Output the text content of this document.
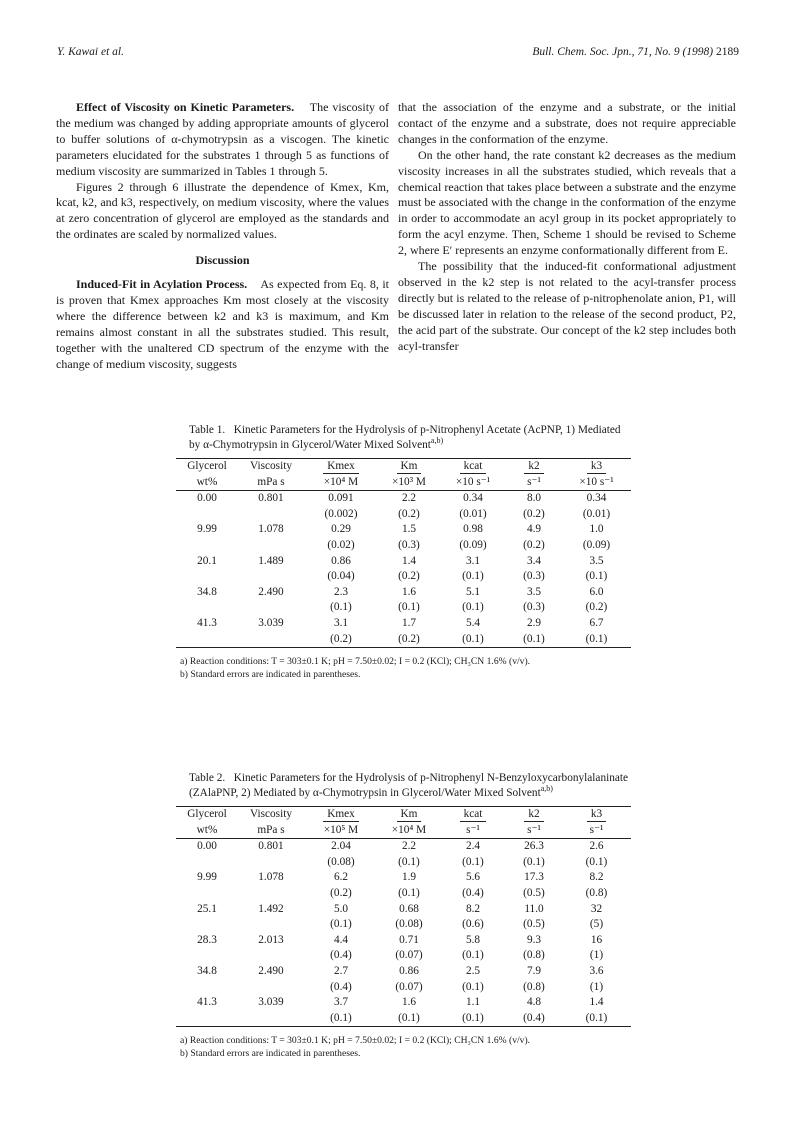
Y. Kawai et al.	Bull. Chem. Soc. Jpn., 71, No. 9 (1998) 2189

Effect of Viscosity on Kinetic Parameters. The viscosity of the medium was changed by adding appropriate amounts of glycerol to buffer solutions of α-chymotrypsin as a viscogen. The kinetic parameters elucidated for the substrates 1 through 5 as functions of medium viscosity are summarized in Tables 1 through 5.

Figures 2 through 6 illustrate the dependence of Kmex, Km, kcat, k2, and k3, respectively, on medium viscosity, where the values at zero concentration of glycerol are employed as the standards and the ordinates are scaled by normalized values.

Discussion

Induced-Fit in Acylation Process. As expected from Eq. 8, it is proven that Kmex approaches Km most closely at the viscosity where the difference between k2 and k3 is maximum, and Km remains almost constant in all the substrates studied. This result, together with the unaltered CD spectrum of the enzyme with the change of medium viscosity, suggests

that the association of the enzyme and a substrate, or the initial contact of the enzyme and a substrate, does not require appreciable changes in the conformation of the enzyme.

On the other hand, the rate constant k2 decreases as the medium viscosity increases in all the substrates studied, which reveals that a chemical reaction that takes place between a substrate and the enzyme must be associated with the change in the conformation of the enzyme in order to accommodate an acyl group in its pocket appropriately to form the acyl enzyme. Then, Scheme 1 should be revised to Scheme 2, where E′ represents an enzyme conformationally different from E.

The possibility that the induced-fit conformational adjustment observed in the k2 step is not related to the acyl-transfer process directly but is related to the release of p-nitrophenolate anion, P1, will be discussed later in relation to the release of the second product, P2, the acid part of the substrate. Our concept of the k2 step includes both acyl-transfer

Table 1. Kinetic Parameters for the Hydrolysis of p-Nitrophenyl Acetate (AcPNP, 1) Mediated by α-Chymotrypsin in Glycerol/Water Mixed Solvent$^{a,b)}$
Glycerol	Viscosity	Kmex	Km	kcat	k2	k3
wt%	mPa s	×10⁴ M	×10³ M	×10 s⁻¹	s⁻¹	×10 s⁻¹
0.00	0.801	0.091	2.2	0.34	8.0	0.34
		(0.002)	(0.2)	(0.01)	(0.2)	(0.01)
9.99	1.078	0.29	1.5	0.98	4.9	1.0
		(0.02)	(0.3)	(0.09)	(0.2)	(0.09)
20.1	1.489	0.86	1.4	3.1	3.4	3.5
		(0.04)	(0.2)	(0.1)	(0.3)	(0.1)
34.8	2.490	2.3	1.6	5.1	3.5	6.0
		(0.1)	(0.1)	(0.1)	(0.3)	(0.2)
41.3	3.039	3.1	1.7	5.4	2.9	6.7
		(0.2)	(0.2)	(0.1)	(0.1)	(0.1)
a) Reaction conditions: T = 303±0.1 K; pH = 7.50±0.02; I = 0.2 (KCl); CH₃CN 1.6% (v/v).
b) Standard errors are indicated in parentheses.
Table 2. Kinetic Parameters for the Hydrolysis of p-Nitrophenyl N-Benzyloxycarbonylalaninate (ZAlaPNP, 2) Mediated by α-Chymotrypsin in Glycerol/Water Mixed Solvent$^{a,b)}$
Glycerol	Viscosity	Kmex	Km	kcat	k2	k3
wt%	mPa s	×10⁵ M	×10⁴ M	s⁻¹	s⁻¹	s⁻¹
0.00	0.801	2.04	2.2	2.4	26.3	2.6
		(0.08)	(0.1)	(0.1)	(0.1)	(0.1)
9.99	1.078	6.2	1.9	5.6	17.3	8.2
		(0.2)	(0.1)	(0.4)	(0.5)	(0.8)
25.1	1.492	5.0	0.68	8.2	11.0	32
		(0.1)	(0.08)	(0.6)	(0.5)	(5)
28.3	2.013	4.4	0.71	5.8	9.3	16
		(0.4)	(0.07)	(0.1)	(0.8)	(1)
34.8	2.490	2.7	0.86	2.5	7.9	3.6
		(0.4)	(0.07)	(0.1)	(0.8)	(1)
41.3	3.039	3.7	1.6	1.1	4.8	1.4
		(0.1)	(0.1)	(0.1)	(0.4)	(0.1)
a) Reaction conditions: T = 303±0.1 K; pH = 7.50±0.02; I = 0.2 (KCl); CH₃CN 1.6% (v/v).
b) Standard errors are indicated in parentheses.
